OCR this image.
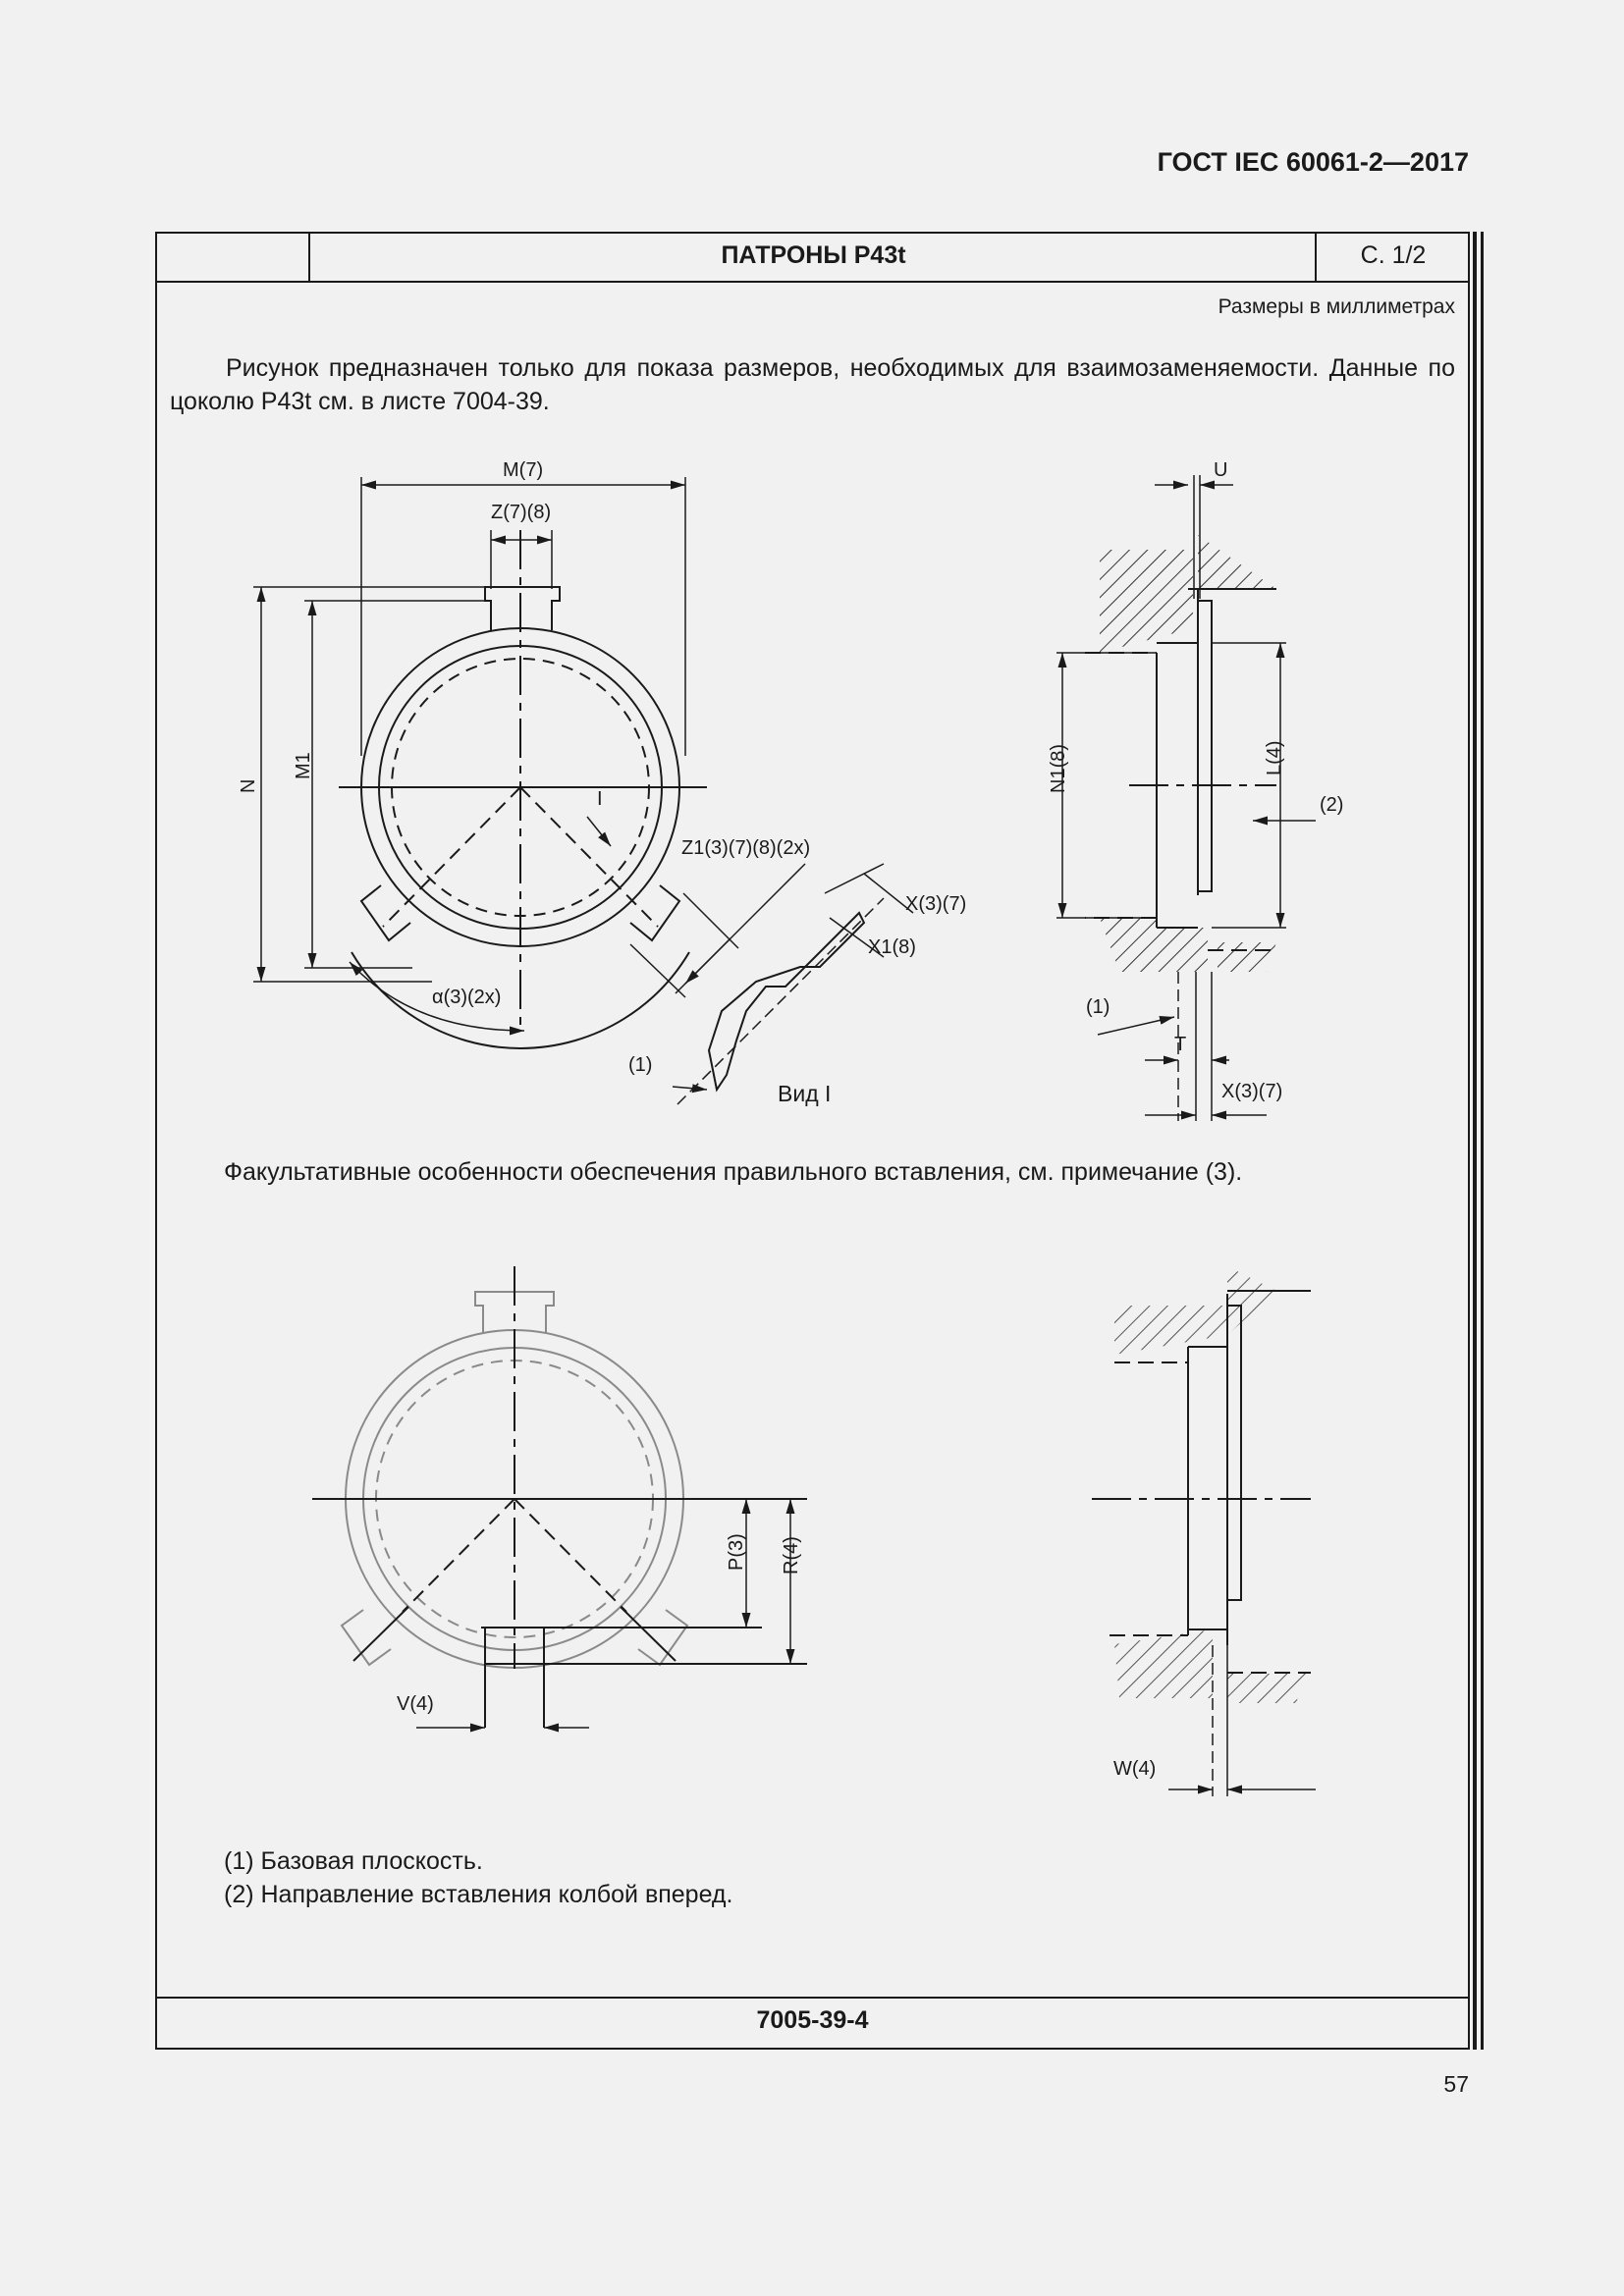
ГОСТ IEC 60061-2—2017
ПАТРОНЫ P43t	С. 1/2
Размеры в миллиметрах
Рисунок предназначен только для показа размеров, необходимых для взаимозаменяемости. Данные по цоколю P43t см. в листе 7004-39.
M(7)
Z(7)(8)
N
M1
I
Z1(3)(7)(8)(2x)
X(3)(7)
X1(8)
α(3)(2x)
(1)
Вид I
U
N1(8)	L(4)
(2)
(1)
T
X(3)(7)
Факультативные особенности обеспечения правильного вставления, см. примечание (3).
P(3) R(4)
V(4)
W(4)
(1) Базовая плоскость.
(2) Направление вставления колбой вперед.
7005-39-4
57
